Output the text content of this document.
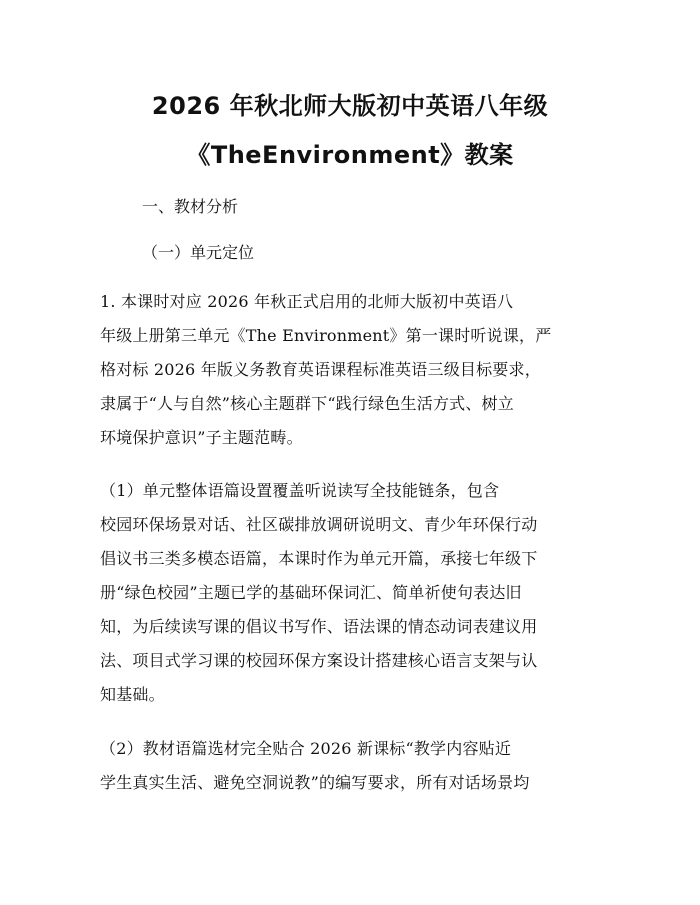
2026 年秋北师大版初中英语八年级
《TheEnvironment》教案
一、教材分析
（一）单元定位
1. 本课时对应 2026 年秋正式启用的北师大版初中英语八
年级上册第三单元《The Environment》第一课时听说课，严
格对标 2026 年版义务教育英语课程标准英语三级目标要求，
隶属于“人与自然”核心主题群下“践行绿色生活方式、树立
环境保护意识”子主题范畴。
（1）单元整体语篇设置覆盖听说读写全技能链条，包含
校园环保场景对话、社区碳排放调研说明文、青少年环保行动
倡议书三类多模态语篇，本课时作为单元开篇，承接七年级下
册“绿色校园”主题已学的基础环保词汇、简单祈使句表达旧
知，为后续读写课的倡议书写作、语法课的情态动词表建议用
法、项目式学习课的校园环保方案设计搭建核心语言支架与认
知基础。
（2）教材语篇选材完全贴合 2026 新课标“教学内容贴近
学生真实生活、避免空洞说教”的编写要求，所有对话场景均
